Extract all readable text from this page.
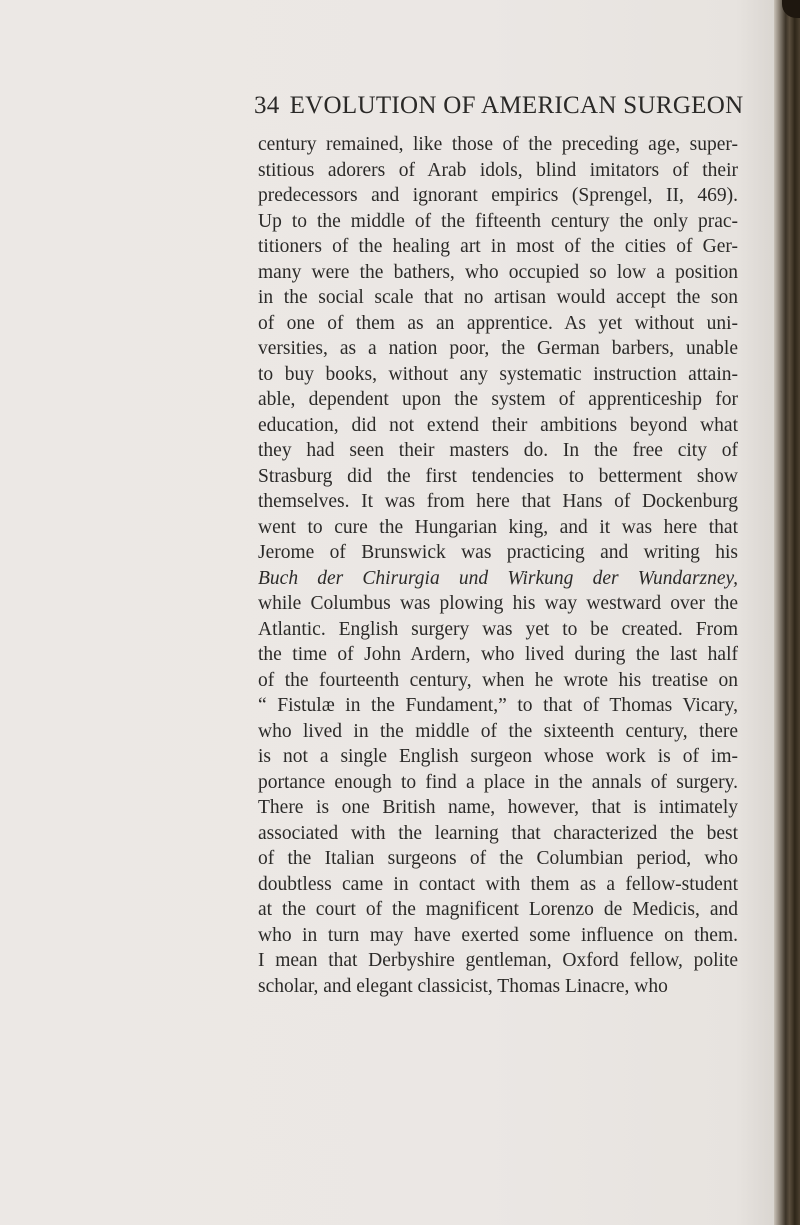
34 EVOLUTION OF AMERICAN SURGEON
century remained, like those of the preceding age, super-
stitious adorers of Arab idols, blind imitators of their
predecessors and ignorant empirics (Sprengel, II, 469).
Up to the middle of the fifteenth century the only prac-
titioners of the healing art in most of the cities of Ger-
many were the bathers, who occupied so low a position
in the social scale that no artisan would accept the son
of one of them as an apprentice. As yet without uni-
versities, as a nation poor, the German barbers, unable
to buy books, without any systematic instruction attain-
able, dependent upon the system of apprenticeship for
education, did not extend their ambitions beyond what
they had seen their masters do. In the free city of
Strasburg did the first tendencies to betterment show
themselves. It was from here that Hans of Dockenburg
went to cure the Hungarian king, and it was here that
Jerome of Brunswick was practicing and writing his
Buch der Chirurgia und Wirkung der Wundarzney,
while Columbus was plowing his way westward over the
Atlantic. English surgery was yet to be created. From
the time of John Ardern, who lived during the last half
of the fourteenth century, when he wrote his treatise on
“ Fistulæ in the Fundament,” to that of Thomas Vicary,
who lived in the middle of the sixteenth century, there
is not a single English surgeon whose work is of im-
portance enough to find a place in the annals of surgery.
There is one British name, however, that is intimately
associated with the learning that characterized the best
of the Italian surgeons of the Columbian period, who
doubtless came in contact with them as a fellow-student
at the court of the magnificent Lorenzo de Medicis, and
who in turn may have exerted some influence on them.
I mean that Derbyshire gentleman, Oxford fellow, polite
scholar, and elegant classicist, Thomas Linacre, who
